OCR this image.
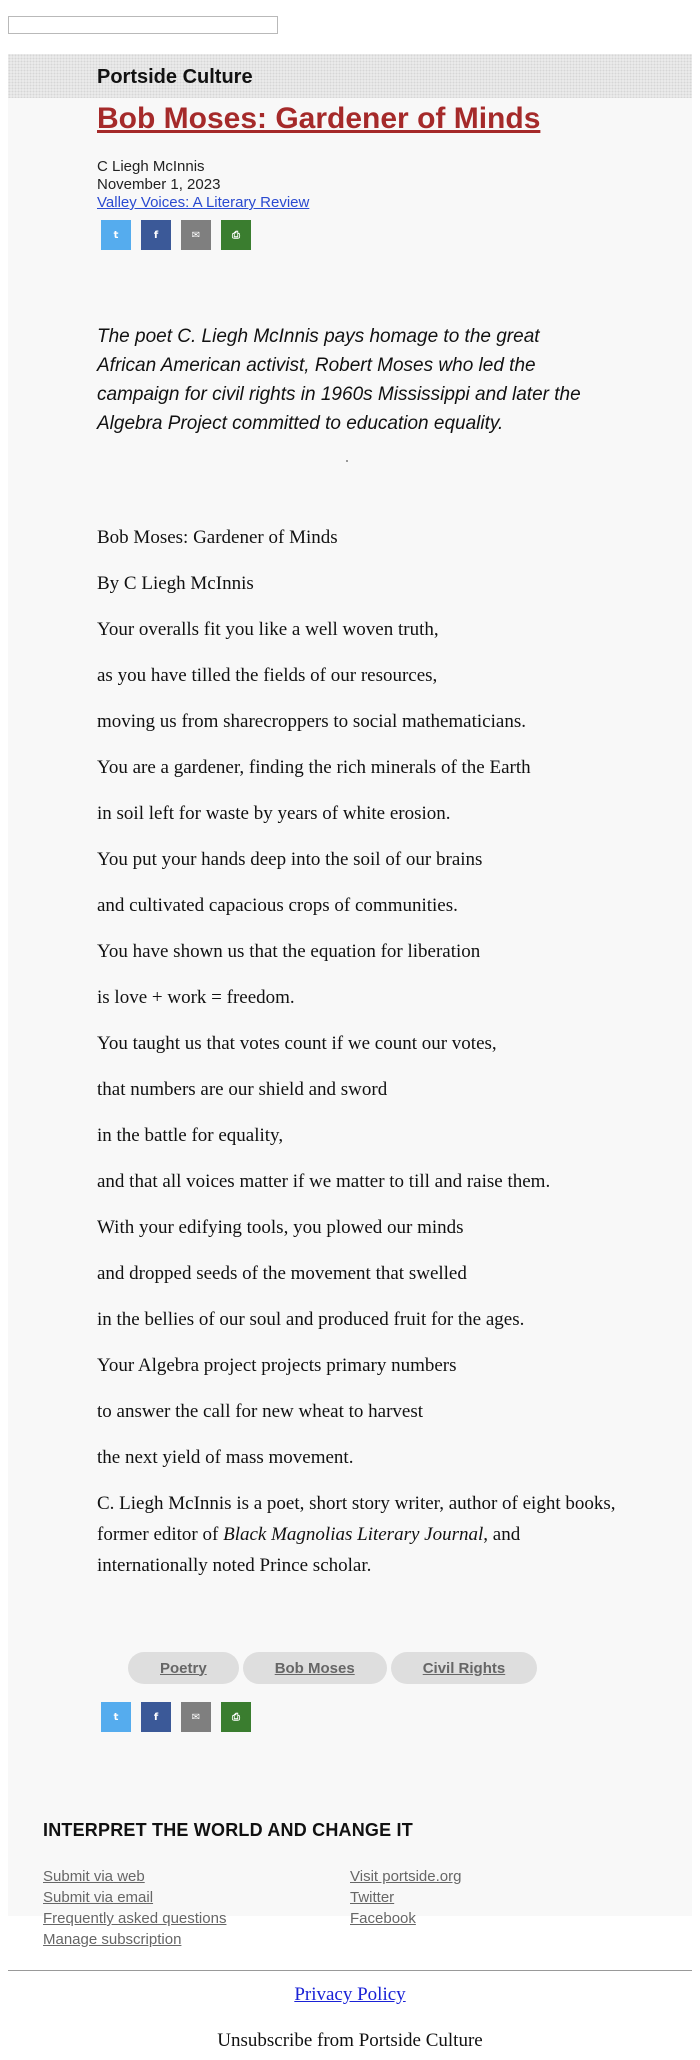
Portside Culture
Bob Moses: Gardener of Minds
C Liegh McInnis
November 1, 2023
Valley Voices: A Literary Review
t	f	✉	⎙

The poet C. Liegh McInnis pays homage to the great African American activist, Robert Moses who led the campaign for civil rights in 1960s Mississippi and later the Algebra Project committed to education equality.

Bob Moses: Gardener of Minds

By C Liegh McInnis

Your overalls fit you like a well woven truth,

as you have tilled the fields of our resources,

moving us from sharecroppers to social mathematicians.

You are a gardener, finding the rich minerals of the Earth

in soil left for waste by years of white erosion.

You put your hands deep into the soil of our brains

and cultivated capacious crops of communities.

You have shown us that the equation for liberation

is love + work = freedom.

You taught us that votes count if we count our votes,

that numbers are our shield and sword

in the battle for equality,

and that all voices matter if we matter to till and raise them.

With your edifying tools, you plowed our minds

and dropped seeds of the movement that swelled

in the bellies of our soul and produced fruit for the ages.

Your Algebra project projects primary numbers

to answer the call for new wheat to harvest

the next yield of mass movement.

C. Liegh McInnis is a poet, short story writer, author of eight books, former editor of Black Magnolias Literary Journal, and internationally noted Prince scholar.

Poetry	Bob Moses	Civil Rights
t	f	✉	⎙
INTERPRET THE WORLD AND CHANGE IT
Submit via web
Submit via email
Frequently asked questions
Manage subscription
Visit portside.org
Twitter
Facebook
Privacy Policy
Unsubscribe from Portside Culture
